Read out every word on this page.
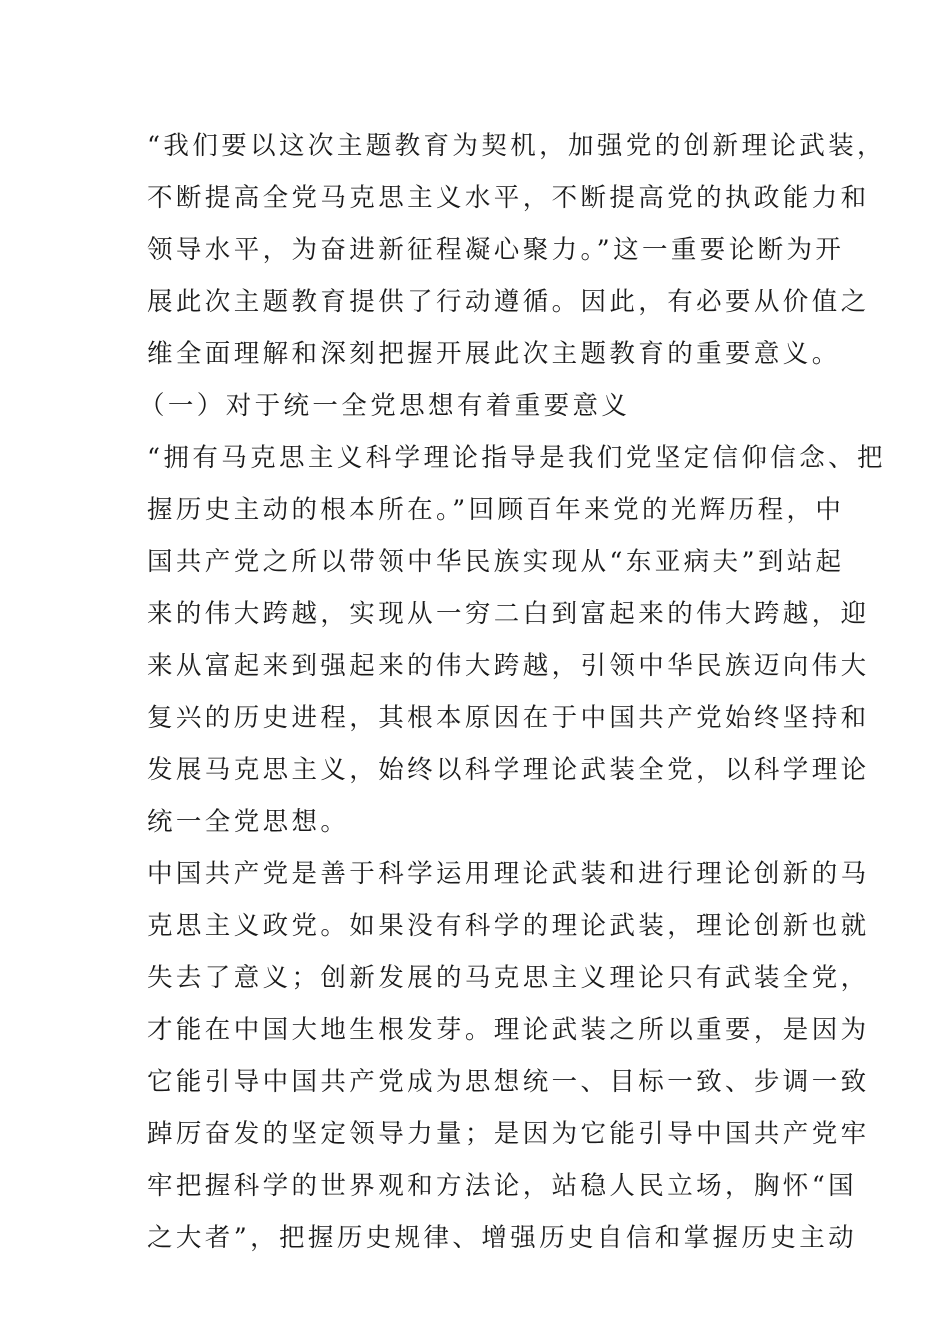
“我们要以这次主题教育为契机，加强党的创新理论武装，
不断提高全党马克思主义水平，不断提高党的执政能力和
领导水平，为奋进新征程凝心聚力。”这一重要论断为开
展此次主题教育提供了行动遵循。因此，有必要从价值之
维全面理解和深刻把握开展此次主题教育的重要意义。
（一）对于统一全党思想有着重要意义
“拥有马克思主义科学理论指导是我们党坚定信仰信念、把
握历史主动的根本所在。”回顾百年来党的光辉历程，中
国共产党之所以带领中华民族实现从“东亚病夫”到站起
来的伟大跨越，实现从一穷二白到富起来的伟大跨越，迎
来从富起来到强起来的伟大跨越，引领中华民族迈向伟大
复兴的历史进程，其根本原因在于中国共产党始终坚持和
发展马克思主义，始终以科学理论武装全党，以科学理论
统一全党思想。
中国共产党是善于科学运用理论武装和进行理论创新的马
克思主义政党。如果没有科学的理论武装，理论创新也就
失去了意义；创新发展的马克思主义理论只有武装全党，
才能在中国大地生根发芽。理论武装之所以重要，是因为
它能引导中国共产党成为思想统一、目标一致、步调一致
踔厉奋发的坚定领导力量；是因为它能引导中国共产党牢
牢把握科学的世界观和方法论，站稳人民立场，胸怀“国
之大者”，把握历史规律、增强历史自信和掌握历史主动
